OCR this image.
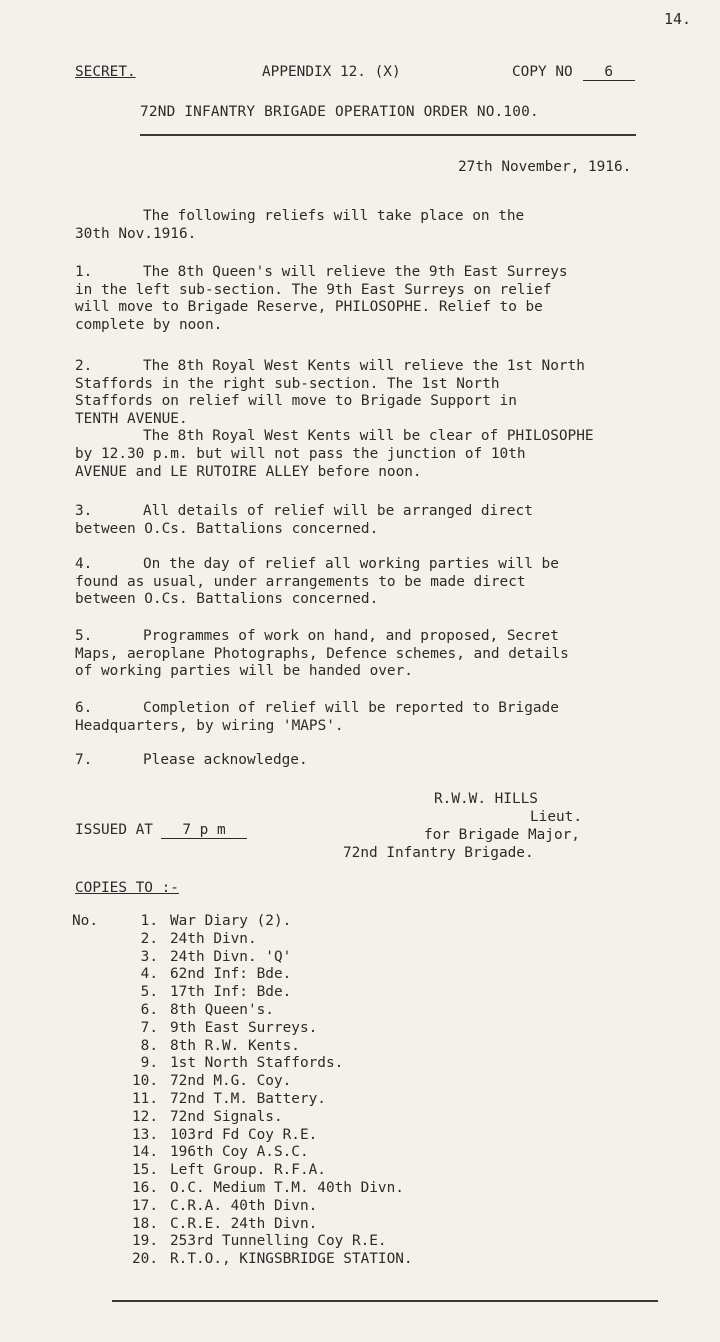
14.
SECRET.	APPENDIX 12. (X)	COPY NO 6
72ND INFANTRY BRIGADE OPERATION ORDER NO.100.
27th November, 1916.

The following reliefs will take place on the

30th Nov.1916.

1.	The 8th Queen's will relieve the 9th East Surreys

in the left sub-section. The 9th East Surreys on relief

will move to Brigade Reserve, PHILOSOPHE. Relief to be

complete by noon.

2.	The 8th Royal West Kents will relieve the 1st North

Staffords in the right sub-section. The 1st North

Staffords on relief will move to Brigade Support in

TENTH AVENUE.

The 8th Royal West Kents will be clear of PHILOSOPHE

by 12.30 p.m. but will not pass the junction of 10th

AVENUE and LE RUTOIRE ALLEY before noon.

3.	All details of relief will be arranged direct

between O.Cs. Battalions concerned.

4.	On the day of relief all working parties will be

found as usual, under arrangements to be made direct

between O.Cs. Battalions concerned.

5.	Programmes of work on hand, and proposed, Secret

Maps, aeroplane Photographs, Defence schemes, and details

of working parties will be handed over.

6.	Completion of relief will be reported to Brigade

Headquarters, by wiring 'MAPS'.

7.	Please acknowledge.

R.W.W. HILLS
Lieut.
for Brigade Major,
72nd Infantry Brigade.
ISSUED AT 7 p m
COPIES TO :-
No.	1. War Diary (2).
2. 24th Divn.
3. 24th Divn. 'Q'
4. 62nd Inf: Bde.
5. 17th Inf: Bde.
6. 8th Queen's.
7. 9th East Surreys.
8. 8th R.W. Kents.
9. 1st North Staffords.
10. 72nd M.G. Coy.
11. 72nd T.M. Battery.
12. 72nd Signals.
13. 103rd Fd Coy R.E.
14. 196th Coy A.S.C.
15. Left Group. R.F.A.
16. O.C. Medium T.M. 40th Divn.
17. C.R.A. 40th Divn.
18. C.R.E. 24th Divn.
19. 253rd Tunnelling Coy R.E.
20. R.T.O., KINGSBRIDGE STATION.
